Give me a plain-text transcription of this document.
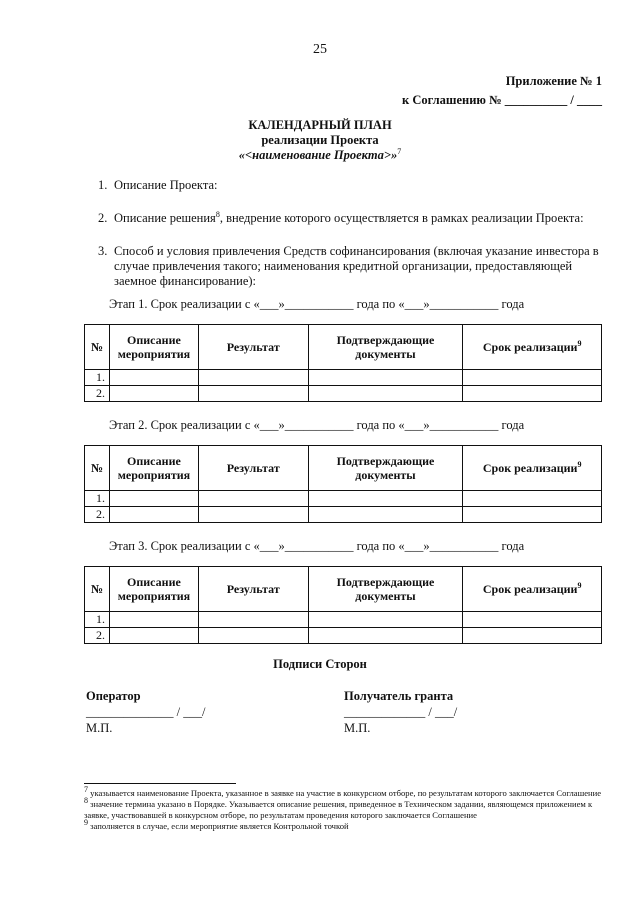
25
Приложение № 1
к Соглашению № __________ / ____
КАЛЕНДАРНЫЙ ПЛАН
реализации Проекта
«<наименование Проекта>»$^7$
1. Описание Проекта:
2. Описание решения$^8$, внедрение которого осуществляется в рамках реализации Проекта:
3. Способ и условия привлечения Средств софинансирования (включая указание инвестора в случае привлечения такого; наименования кредитной организации, предоставляющей заемное финансирование):
Этап 1. Срок реализации с «___»___________ года по «___»___________ года
№	Описание мероприятия	Результат	Подтверждающие документы	Срок реализации$^9$
1.				
2.				
Этап 2. Срок реализации с «___»___________ года по «___»___________ года
№	Описание мероприятия	Результат	Подтверждающие документы	Срок реализации$^9$
1.				
2.				
Этап 3. Срок реализации с «___»___________ года по «___»___________ года
№	Описание мероприятия	Результат	Подтверждающие документы	Срок реализации$^9$
1.				
2.				
Подписи Сторон
Оператор
______________ / ___/
М.П.
Получатель гранта
_____________ / ___/
М.П.
$^7$ указывается наименование Проекта, указанное в заявке на участие в конкурсном отборе, по результатам которого заключается Соглашение
$^8$ значение термина указано в Порядке. Указывается описание решения, приведенное в Техническом задании, являющемся приложением к заявке, участвовавшей в конкурсном отборе, по результатам проведения которого заключается Соглашение
$^9$ заполняется в случае, если мероприятие является Контрольной точкой
